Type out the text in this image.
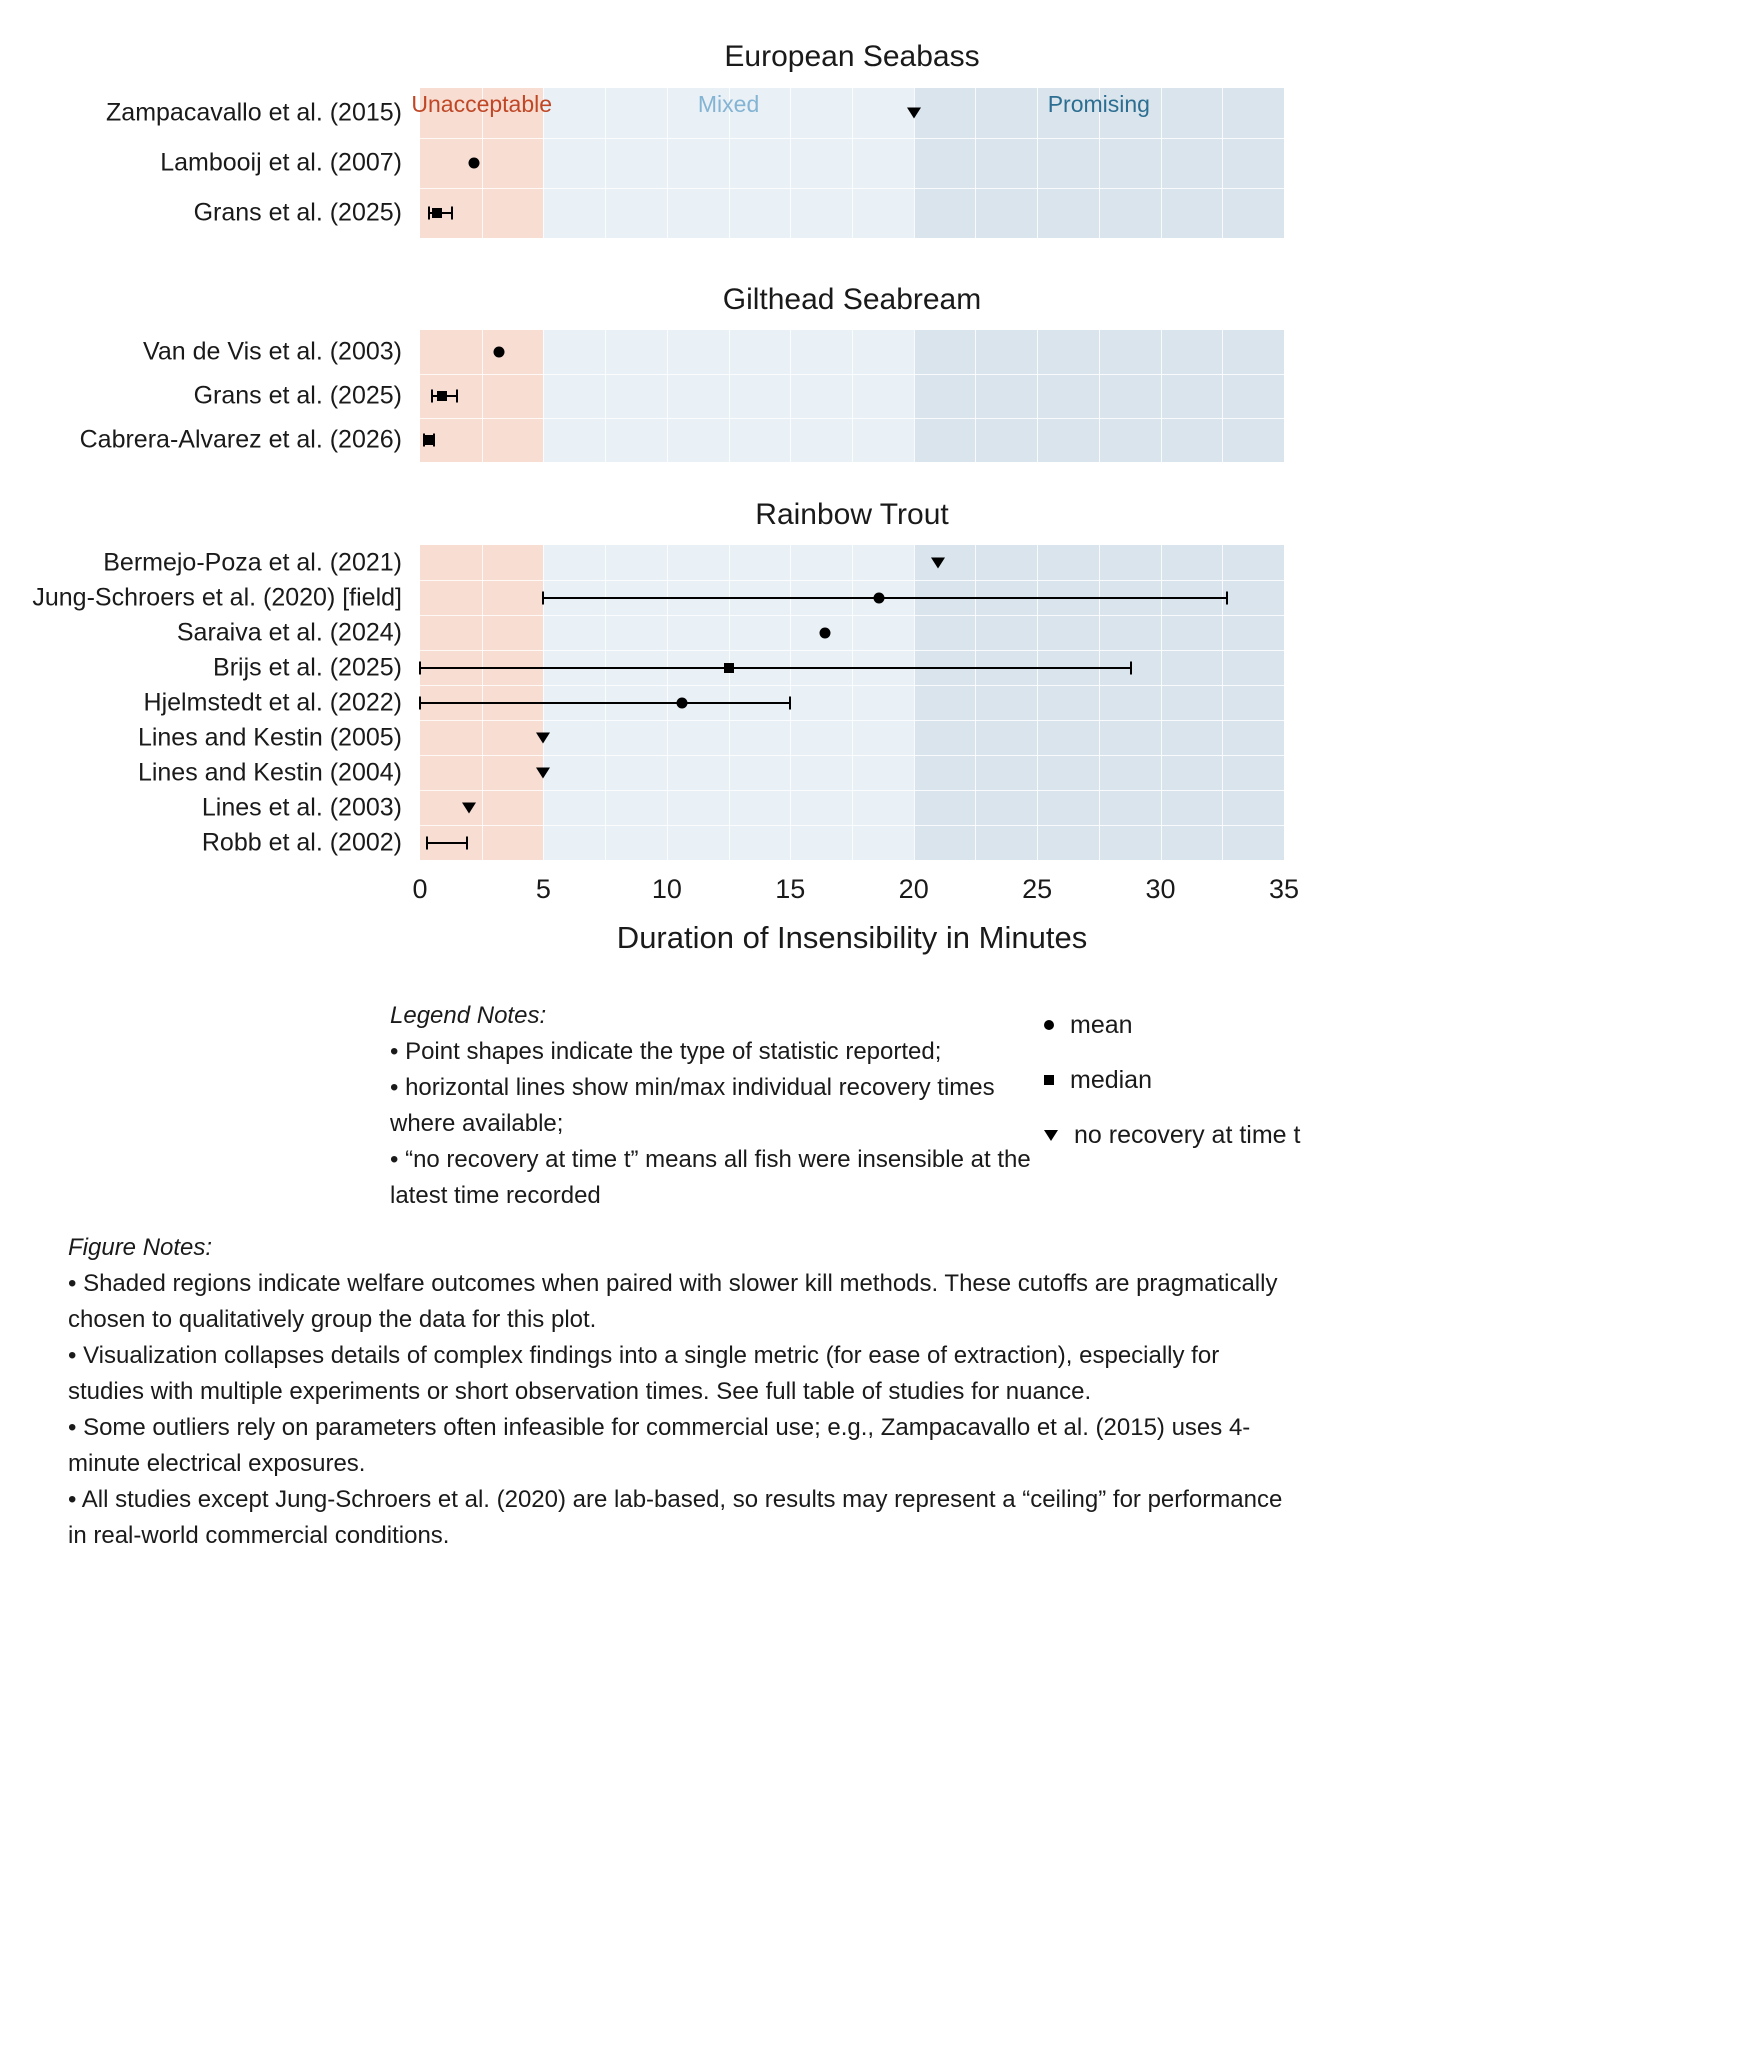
European Seabass
Gilthead Seabream
Rainbow Trout
Duration of Insensibility in Minutes
Legend Notes:
• Point shapes indicate the type of statistic reported;
• horizontal lines show min/max individual recovery times where available;
• “no recovery at time t” means all fish were insensible at the latest time recorded
mean
median
no recovery at time t
Figure Notes:
• Shaded regions indicate welfare outcomes when paired with slower kill methods. These cutoffs are pragmatically chosen to qualitatively group the data for this plot.
• Visualization collapses details of complex findings into a single metric (for ease of extraction), especially for studies with multiple experiments or short observation times. See full table of studies for nuance.
• Some outliers rely on parameters often infeasible for commercial use; e.g., Zampacavallo et al. (2015) uses 4-minute electrical exposures.
• All studies except Jung-Schroers et al. (2020) are lab-based, so results may represent a “ceiling” for performance in real-world commercial conditions.
Unacceptable	Mixed	Promising
Zampacavallo et al. (2015)
Lambooij et al. (2007)
Grans et al. (2025)
Van de Vis et al. (2003)
Grans et al. (2025)
Cabrera-Alvarez et al. (2026)
Bermejo-Poza et al. (2021)
Jung-Schroers et al. (2020) [field]
Saraiva et al. (2024)
Brijs et al. (2025)
Hjelmstedt et al. (2022)
Lines and Kestin (2005)
Lines and Kestin (2004)
Lines et al. (2003)
Robb et al. (2002)
0	5	10	15	20	25	30	35
